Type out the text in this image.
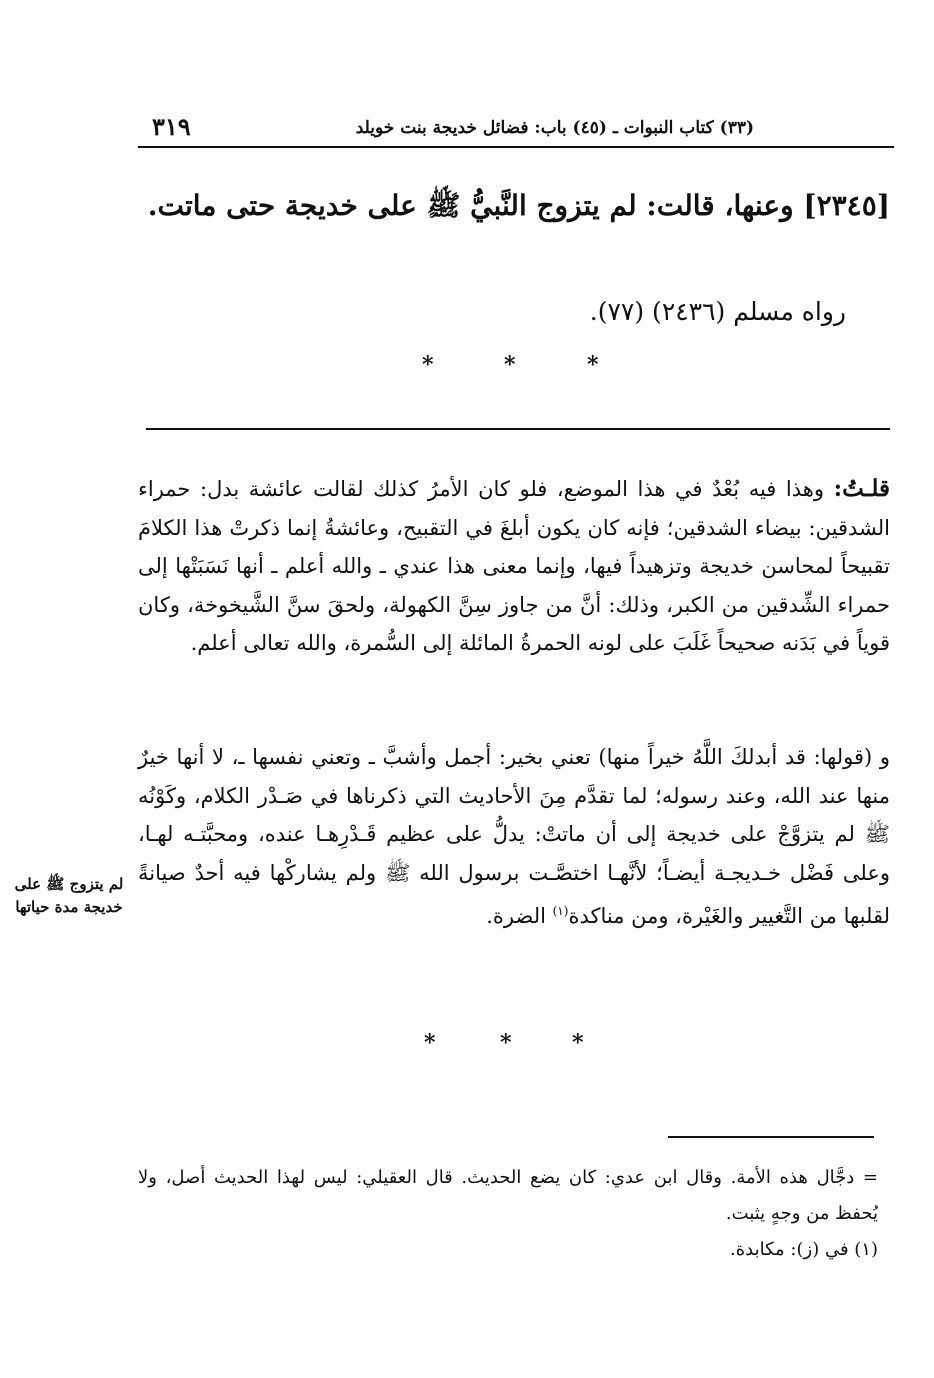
(٣٣) كتاب النبوات ـ (٤٥) باب: فضائل خديجة بنت خويلد
٣١٩
[٢٣٤٥] وعنها، قالت: لم يتزوج النَّبيُّ ﷺ على خديجة حتى ماتت.
رواه مسلم (٢٤٣٦) (٧٧).
*
*
*
قلـتُ: وهذا فيه بُعْدٌ في هذا الموضع، فلو كان الأمرُ كذلك لقالت عائشة بدل: حمراء الشدقين: بيضاء الشدقين؛ فإنه كان يكون أبلغَ في التقبيح، وعائشةُ إنما ذكرتْ هذا الكلامَ تقبيحاً لمحاسن خديجة وتزهيداً فيها، وإنما معنى هذا عندي ـ والله أعلم ـ أنها نَسَبَتْها إلى حمراء الشِّدقين من الكبر، وذلك: أنَّ من جاوز سِنَّ الكهولة، ولحقَ سنَّ الشَّيخوخة، وكان قوياً في بَدَنه صحيحاً غَلَبَ على لونه الحمرةُ المائلة إلى السُّمرة، والله تعالى أعلم.
و (قولها: قد أبدلكَ اللَّهُ خيراً منها) تعني بخير: أجمل وأشبَّ ـ وتعني نفسها ـ، لا أنها خيرٌ منها عند الله، وعند رسوله؛ لما تقدَّم مِنَ الأحاديث التي ذكرناها في صَـدْر الكلام، وكَوْنُه ﷺ لم يتزوَّجْ على خديجة إلى أن ماتتْ: يدلُّ على عظيم قَـدْرِهـا عنده، ومحبَّتـه لهـا، وعلى فَضْل خـديجـة أيضـاً؛ لأنَّهـا اختصَّـت برسول الله ﷺ ولم يشاركْها فيه أحدٌ صيانةً لقلبها من التَّغيير والغَيْرة، ومن مناكدة$^{(١)}$ الضرة.
لم يتزوج ﷺ على خديجة مدة حياتها
*
*
*
= دجَّال هذه الأمة. وقال ابن عدي: كان يضع الحديث. قال العقيلي: ليس لهذا الحديث أصل، ولا يُحفظ من وجهٍ يثبت.
(١) في (ز): مكابدة.
